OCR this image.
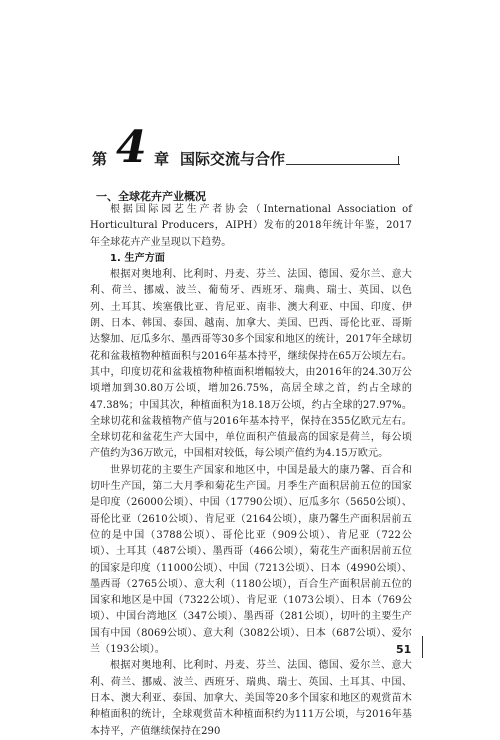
第 4 章 国际交流与合作
一、全球花卉产业概况

根据国际园艺生产者协会（International Association of Horticultural Producers，AIPH）发布的2018年统计年鉴，2017年全球花卉产业呈现以下趋势。

1. 生产方面

根据对奥地利、比利时、丹麦、芬兰、法国、德国、爱尔兰、意大利、荷兰、挪威、波兰、葡萄牙、西班牙、瑞典、瑞士、英国、以色列、土耳其、埃塞俄比亚、肯尼亚、南非、澳大利亚、中国、印度、伊朗、日本、韩国、泰国、越南、加拿大、美国、巴西、哥伦比亚、哥斯达黎加、厄瓜多尔、墨西哥等30多个国家和地区的统计，2017年全球切花和盆栽植物种植面积与2016年基本持平，继续保持在65万公顷左右。其中，印度切花和盆栽植物种植面积增幅较大，由2016年的24.30万公顷增加到30.80万公顷，增加26.75%，高居全球之首，约占全球的47.38%；中国其次，种植面积为18.18万公顷，约占全球的27.97%。全球切花和盆栽植物产值与2016年基本持平，保持在355亿欧元左右。全球切花和盆花生产大国中，单位面积产值最高的国家是荷兰，每公顷产值约为36万欧元，中国相对较低，每公顷产值约为4.15万欧元。

世界切花的主要生产国家和地区中，中国是最大的康乃馨、百合和切叶生产国，第二大月季和菊花生产国。月季生产面积居前五位的国家是印度（26000公顷）、中国（17790公顷）、厄瓜多尔（5650公顷）、哥伦比亚（2610公顷）、肯尼亚（2164公顷），康乃馨生产面积居前五位的是中国（3788公顷）、哥伦比亚（909公顷）、肯尼亚（722公顷）、土耳其（487公顷）、墨西哥（466公顷），菊花生产面积居前五位的国家是印度（11000公顷）、中国（7213公顷）、日本（4990公顷）、墨西哥（2765公顷）、意大利（1180公顷），百合生产面积居前五位的国家和地区是中国（7322公顷）、肯尼亚（1073公顷）、日本（769公顷）、中国台湾地区（347公顷）、墨西哥（281公顷），切叶的主要生产国有中国（8069公顷）、意大利（3082公顷）、日本（687公顷）、爱尔兰（193公顷）。

根据对奥地利、比利时、丹麦、芬兰、法国、德国、爱尔兰、意大利、荷兰、挪威、波兰、西班牙、瑞典、瑞士、英国、土耳其、中国、日本、澳大利亚、泰国、加拿大、美国等20多个国家和地区的观赏苗木种植面积的统计，全球观赏苗木种植面积约为111万公顷，与2016年基本持平，产值继续保持在290

51
